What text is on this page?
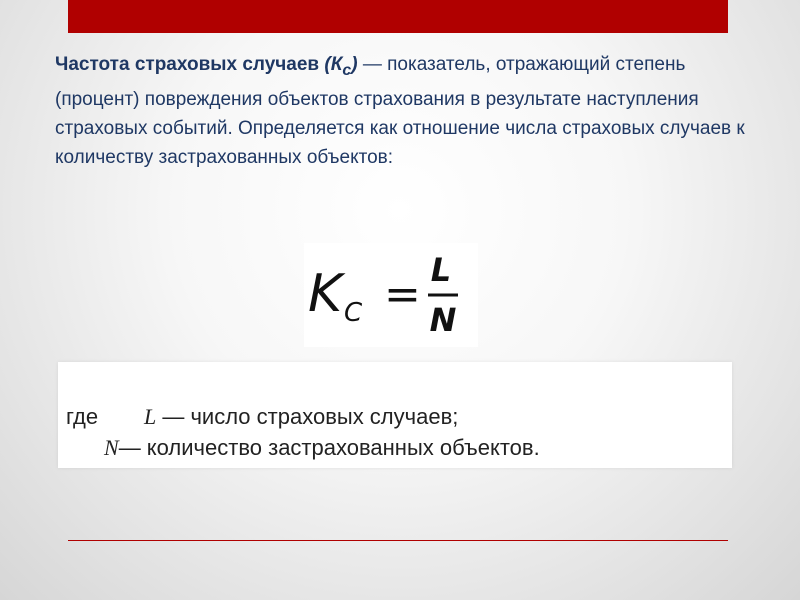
Частота страховых случаев $(К_с)$ — показатель, отражающий степень (процент) повреждения объектов страхования в результате наступления страховых событий. Определяется как отношение числа страховых случаев к количеству застрахованных объектов:
K C = L
N
где L — число страховых случаев;
N— количество застрахованных объектов.
